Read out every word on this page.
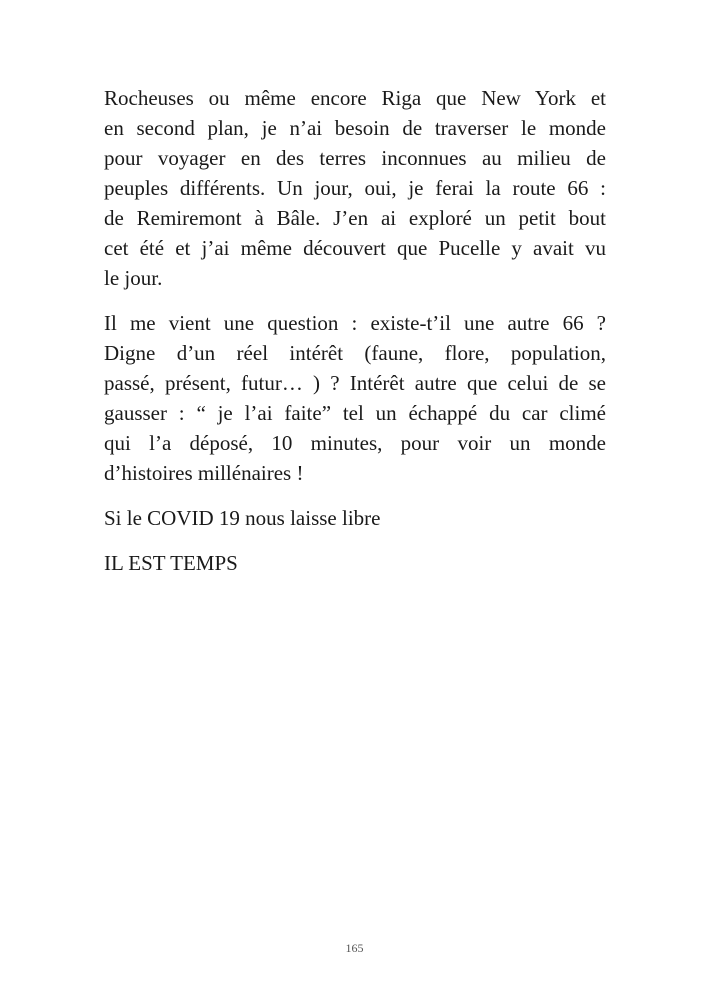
Rocheuses ou même encore Riga que New York et
en second plan, je n’ai besoin de traverser le monde
pour voyager en des terres inconnues au milieu de
peuples différents. Un jour, oui, je ferai la route 66 :
de Remiremont à Bâle. J’en ai exploré un petit bout
cet été et j’ai même découvert que Pucelle y avait vu
le jour.
Il me vient une question : existe-t’il une autre 66 ?
Digne d’un réel intérêt (faune, flore, population,
passé, présent, futur… ) ? Intérêt autre que celui de se
gausser : “ je l’ai faite” tel un échappé du car climé
qui l’a déposé, 10 minutes, pour voir un monde
d’histoires millénaires !
Si le COVID 19 nous laisse libre
IL EST TEMPS
165
